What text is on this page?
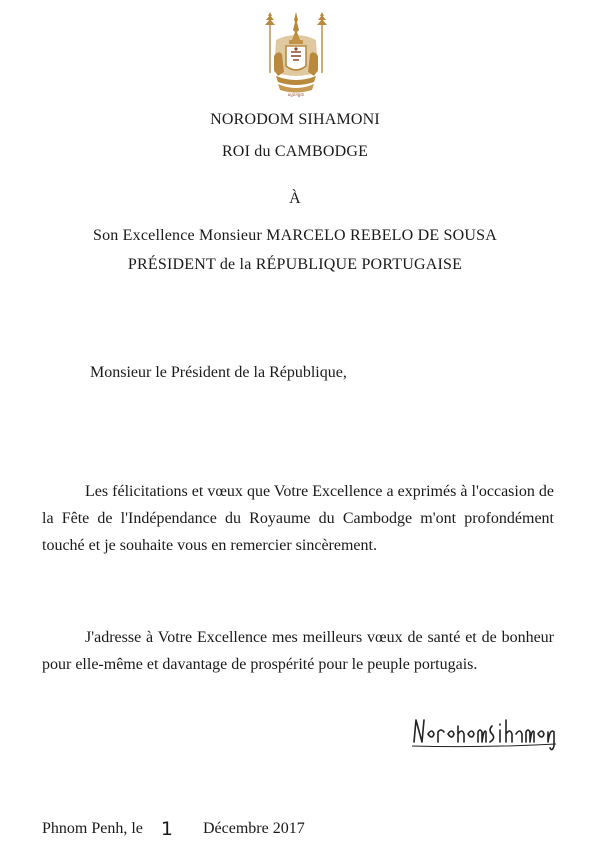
ស្តេចកម្ពុជា
NORODOM SIHAMONI
ROI du CAMBODGE
À
Son Excellence Monsieur MARCELO REBELO DE SOUSA
PRÉSIDENT de la RÉPUBLIQUE PORTUGAISE
Monsieur le Président de la République,
Les félicitations et vœux que Votre Excellence a exprimés à l'occasion de la Fête de l'Indépendance du Royaume du Cambodge m'ont profondément touché et je souhaite vous en remercier sincèrement.
J'adresse à Votre Excellence mes meilleurs vœux de santé et de bonheur pour elle-même et davantage de prospérité pour le peuple portugais.
Phnom Penh, le 1 Décembre 2017
